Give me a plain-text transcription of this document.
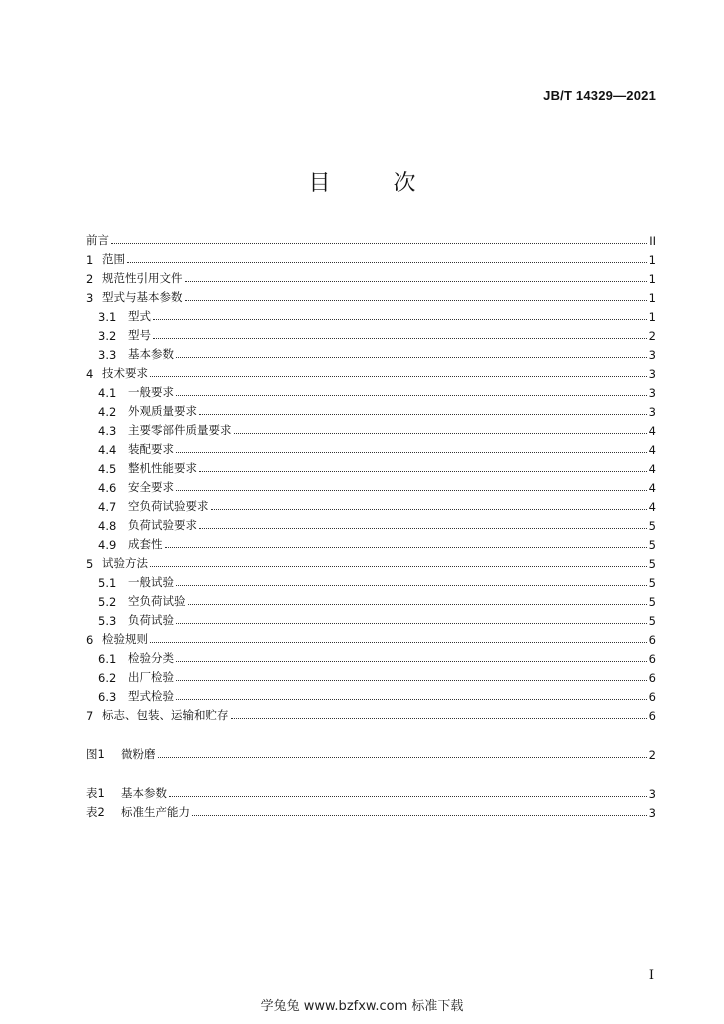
JB/T 14329—2021
目 次
前言	II
1 范围	1
2 规范性引用文件	1
3 型式与基本参数	1
3.1	型式	1
3.2	型号	2
3.3	基本参数	3
4 技术要求	3
4.1	一般要求	3
4.2	外观质量要求	3
4.3	主要零部件质量要求	4
4.4	装配要求	4
4.5	整机性能要求	4
4.6	安全要求	4
4.7	空负荷试验要求	4
4.8	负荷试验要求	5
4.9	成套性	5
5 试验方法	5
5.1	一般试验	5
5.2	空负荷试验	5
5.3	负荷试验	5
6 检验规则	6
6.1	检验分类	6
6.2	出厂检验	6
6.3	型式检验	6
7 标志、包装、运输和贮存	6
图1	微粉磨	2
表1	基本参数	3
表2	标准生产能力	3
I
学兔兔 www.bzfxw.com 标准下载
